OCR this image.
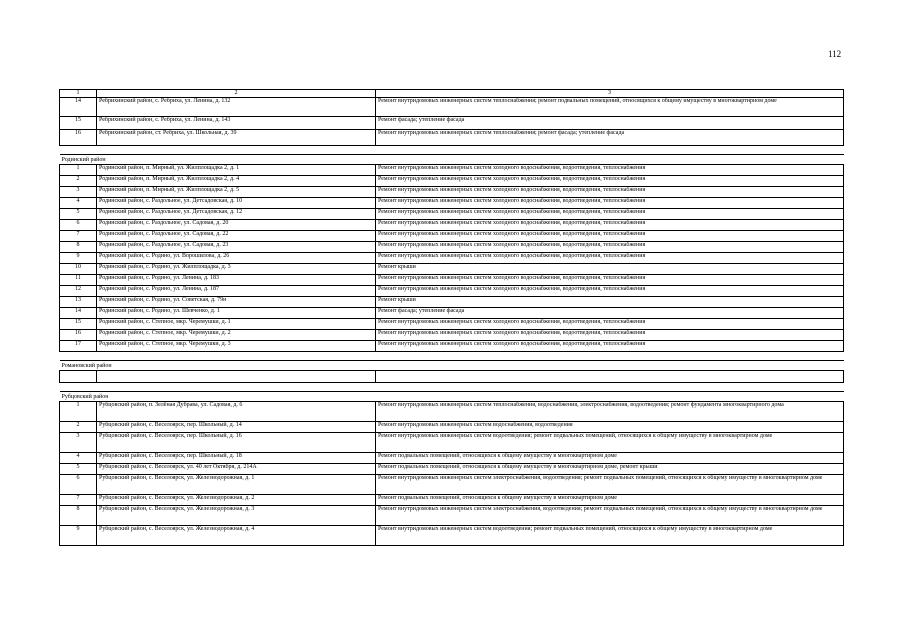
112
1	2	3
14	Ребрихинский район, с. Ребриха, ул. Ленина, д. 132	Ремонт внутридомовых инженерных систем теплоснабжения; ремонт подвальных помещений, относящихся к общему имуществу в многоквартирном доме
15	Ребрихинский район, с. Ребриха, ул. Ленина, д. 143	Ремонт фасада; утепление фасада
16	Ребрихинский район, ст. Ребриха, ул. Школьная, д. 39	Ремонт внутридомовых инженерных систем теплоснабжения; ремонт фасада; утепление фасада

Родинский район		
1	Родинский район, п. Мирный, ул. Жилплощадка 2, д. 1	Ремонт внутридомовых инженерных систем холодного водоснабжения, водоотведения, теплоснабжения
2	Родинский район, п. Мирный, ул. Жилплощадка 2, д. 4	Ремонт внутридомовых инженерных систем холодного водоснабжения, водоотведения, теплоснабжения
3	Родинский район, п. Мирный, ул. Жилплощадка 2, д. 5	Ремонт внутридомовых инженерных систем холодного водоснабжения, водоотведения, теплоснабжения
4	Родинский район, с. Раздольное, ул. Детсадовская, д. 10	Ремонт внутридомовых инженерных систем холодного водоснабжения, водоотведения, теплоснабжения
5	Родинский район, с. Раздольное, ул. Детсадовская, д. 12	Ремонт внутридомовых инженерных систем холодного водоснабжения, водоотведения, теплоснабжения
6	Родинский район, с. Раздольное, ул. Садовая, д. 20	Ремонт внутридомовых инженерных систем холодного водоснабжения, водоотведения, теплоснабжения
7	Родинский район, с. Раздольное, ул. Садовая, д. 22	Ремонт внутридомовых инженерных систем холодного водоснабжения, водоотведения, теплоснабжения
8	Родинский район, с. Раздольное, ул. Садовая, д. 23	Ремонт внутридомовых инженерных систем холодного водоснабжения, водоотведения, теплоснабжения
9	Родинский район, с. Родино, ул. Ворошилова, д. 26	Ремонт внутридомовых инженерных систем холодного водоснабжения, водоотведения, теплоснабжения
10	Родинский район, с. Родино, ул. Жилплощадка, д. 3	Ремонт крыши
11	Родинский район, с. Родино, ул. Ленина, д. 183	Ремонт внутридомовых инженерных систем холодного водоснабжения, водоотведения, теплоснабжения
12	Родинский район, с. Родино, ул. Ленина, д. 187	Ремонт внутридомовых инженерных систем холодного водоснабжения, водоотведения, теплоснабжения
13	Родинский район, с. Родино, ул. Советская, д. 79н	Ремонт крыши
14	Родинский район, с. Родино, ул. Шевченко, д. 1	Ремонт фасада; утепление фасада
15	Родинский район, с. Степное, мкр. Черемушки, д. 1	Ремонт внутридомовых инженерных систем холодного водоснабжения, водоотведения, теплоснабжения
16	Родинский район, с. Степное, мкр. Черемушки, д. 2	Ремонт внутридомовых инженерных систем холодного водоснабжения, водоотведения, теплоснабжения
17	Родинский район, с. Степное, мкр. Черемушки, д. 3	Ремонт внутридомовых инженерных систем холодного водоснабжения, водоотведения, теплоснабжения

Романовский район		

Рубцовский район		
1	Рубцовский район, п. Зелёная Дубрава, ул. Садовая, д. 6	Ремонт внутридомовых инженерных систем теплоснабжения, водоснабжения, электроснабжения, водоотведения; ремонт фундамента многоквартирного дома
2	Рубцовский район, с. Веселоярск, пер. Школьный, д. 14	Ремонт внутридомовых инженерных систем водоснабжения, водоотведения
3	Рубцовский район, с. Веселоярск, пер. Школьный, д. 16	Ремонт внутридомовых инженерных систем водоотведения; ремонт подвальных помещений, относящихся к общему имуществу в многоквартирном доме
4	Рубцовский район, с. Веселоярск, пер. Школьный, д. 18	Ремонт подвальных помещений, относящихся к общему имуществу в многоквартирном доме
5	Рубцовский район, с. Веселоярск, ул. 40 лет Октября, д. 214А	Ремонт подвальных помещений, относящихся к общему имуществу в многоквартирном доме, ремонт крыши
6	Рубцовский район, с. Веселоярск, ул. Железнодорожная, д. 1	Ремонт внутридомовых инженерных систем электроснабжения, водоотведения; ремонт подвальных помещений, относящихся к общему имуществу в многоквартирном доме
7	Рубцовский район, с. Веселоярск, ул. Железнодорожная, д. 2	Ремонт подвальных помещений, относящихся к общему имуществу в многоквартирном доме
8	Рубцовский район, с. Веселоярск, ул. Железнодорожная, д. 3	Ремонт внутридомовых инженерных систем электроснабжения, водоотведения; ремонт подвальных помещений, относящихся к общему имуществу в многоквартирном доме
9	Рубцовский район, с. Веселоярск, ул. Железнодорожная, д. 4	Ремонт внутридомовых инженерных систем водоотведения; ремонт подвальных помещений, относящихся к общему имуществу в многоквартирном доме
